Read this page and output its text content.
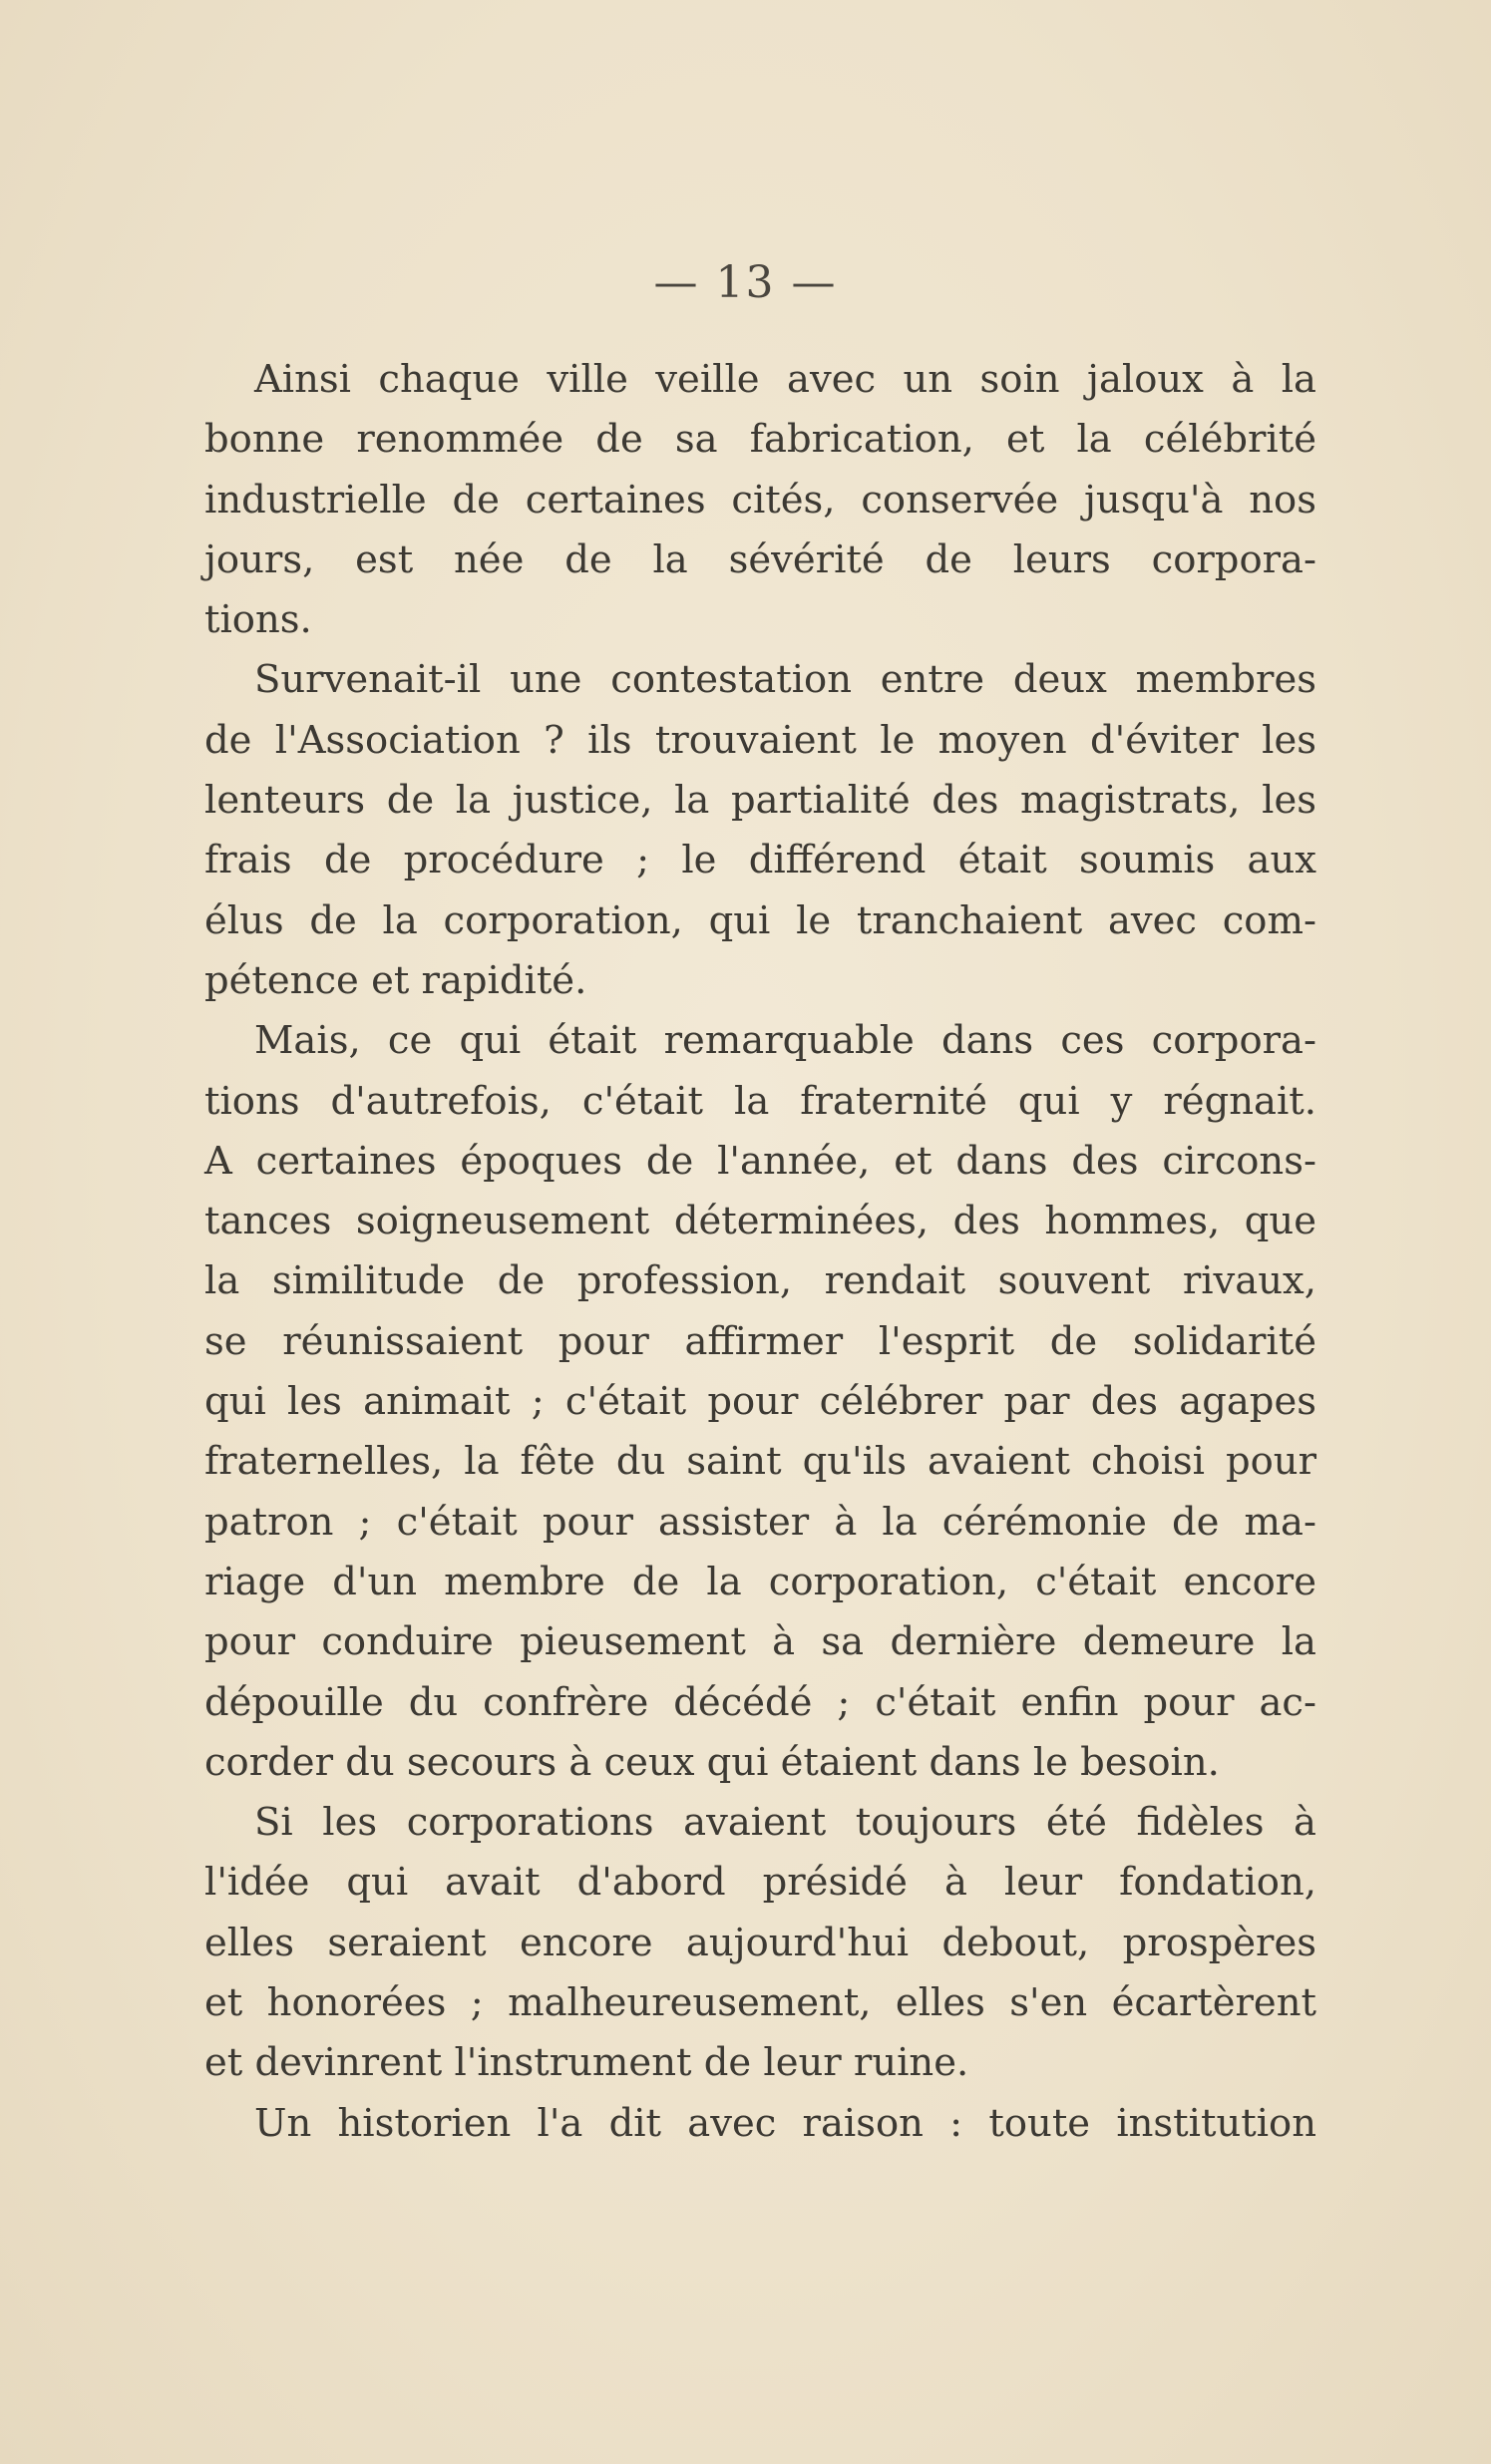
— 13 —
Ainsi chaque ville veille avec un soin jaloux à la
bonne renommée de sa fabrication, et la célébrité
industrielle de certaines cités, conservée jusqu'à nos
jours, est née de la sévérité de leurs corpora-
tions.
Survenait-il une contestation entre deux membres
de l'Association ? ils trouvaient le moyen d'éviter les
lenteurs de la justice, la partialité des magistrats, les
frais de procédure ; le différend était soumis aux
élus de la corporation, qui le tranchaient avec com-
pétence et rapidité.
Mais, ce qui était remarquable dans ces corpora-
tions d'autrefois, c'était la fraternité qui y régnait.
A certaines époques de l'année, et dans des circons-
tances soigneusement déterminées, des hommes, que
la similitude de profession, rendait souvent rivaux,
se réunissaient pour affirmer l'esprit de solidarité
qui les animait ; c'était pour célébrer par des agapes
fraternelles, la fête du saint qu'ils avaient choisi pour
patron ; c'était pour assister à la cérémonie de ma-
riage d'un membre de la corporation, c'était encore
pour conduire pieusement à sa dernière demeure la
dépouille du confrère décédé ; c'était enfin pour ac-
corder du secours à ceux qui étaient dans le besoin.
Si les corporations avaient toujours été fidèles à
l'idée qui avait d'abord présidé à leur fondation,
elles seraient encore aujourd'hui debout, prospères
et honorées ; malheureusement, elles s'en écartèrent
et devinrent l'instrument de leur ruine.
Un historien l'a dit avec raison : toute institution
